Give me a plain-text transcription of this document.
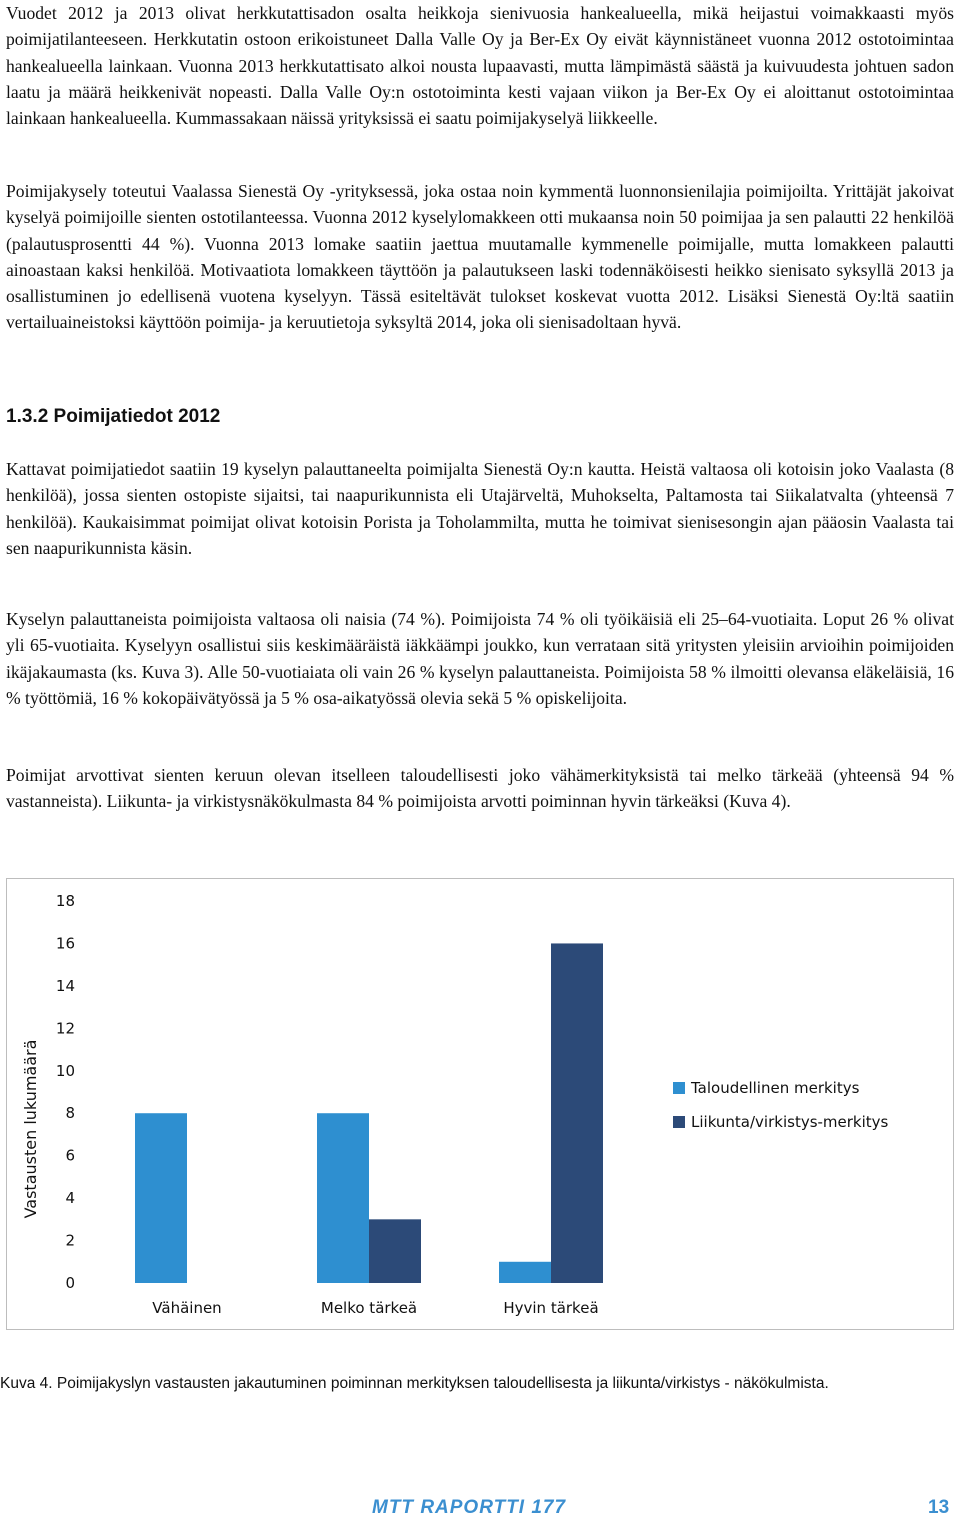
Vuodet 2012 ja 2013 olivat herkkutattisadon osalta heikkoja sienivuosia hankealueella, mikä heijastui voimakkaasti myös poimijatilanteeseen. Herkkutatin ostoon erikoistuneet Dalla Valle Oy ja Ber-Ex Oy eivät käynnistäneet vuonna 2012 ostotoimintaa hankealueella lainkaan. Vuonna 2013 herkkutattisato alkoi nousta lupaavasti, mutta lämpimästä säästä ja kuivuudesta johtuen sadon laatu ja määrä heikkenivät nopeasti. Dalla Valle Oy:n ostotoiminta kesti vajaan viikon ja Ber-Ex Oy ei aloittanut ostotoimintaa lainkaan hankealueella. Kummassakaan näissä yrityksissä ei saatu poimijakyselyä liikkeelle.

Poimijakysely toteutui Vaalassa Sienestä Oy -yrityksessä, joka ostaa noin kymmentä luonnonsienilajia poimijoilta. Yrittäjät jakoivat kyselyä poimijoille sienten ostotilanteessa. Vuonna 2012 kyselylomakkeen otti mukaansa noin 50 poimijaa ja sen palautti 22 henkilöä (palautusprosentti 44 %). Vuonna 2013 lomake saatiin jaettua muutamalle kymmenelle poimijalle, mutta lomakkeen palautti ainoastaan kaksi henkilöä. Motivaatiota lomakkeen täyttöön ja palautukseen laski todennäköisesti heikko sienisato syksyllä 2013 ja osallistuminen jo edellisenä vuotena kyselyyn. Tässä esiteltävät tulokset koskevat vuotta 2012. Lisäksi Sienestä Oy:ltä saatiin vertailuaineistoksi käyttöön poimija- ja keruutietoja syksyltä 2014, joka oli sienisadoltaan hyvä.

1.3.2 Poimijatiedot 2012

Kattavat poimijatiedot saatiin 19 kyselyn palauttaneelta poimijalta Sienestä Oy:n kautta. Heistä valtaosa oli kotoisin joko Vaalasta (8 henkilöä), jossa sienten ostopiste sijaitsi, tai naapurikunnista eli Utajärveltä, Muhokselta, Paltamosta tai Siikalatvalta (yhteensä 7 henkilöä). Kaukaisimmat poimijat olivat kotoisin Porista ja Toholammilta, mutta he toimivat sienisesongin ajan pääosin Vaalasta tai sen naapurikunnista käsin.

Kyselyn palauttaneista poimijoista valtaosa oli naisia (74 %). Poimijoista 74 % oli työikäisiä eli 25–64-vuotiaita. Loput 26 % olivat yli 65-vuotiaita. Kyselyyn osallistui siis keskimääräistä iäkkäämpi joukko, kun verrataan sitä yritysten yleisiin arvioihin poimijoiden ikäjakaumasta (ks. Kuva 3). Alle 50-vuotiaiata oli vain 26 % kyselyn palauttaneista. Poimijoista 58 % ilmoitti olevansa eläkeläisiä, 16 % työttömiä, 16 % kokopäivätyössä ja 5 % osa-aikatyössä olevia sekä 5 % opiskelijoita.

Poimijat arvottivat sienten keruun olevan itselleen taloudellisesti joko vähämerkityksistä tai melko tärkeää (yhteensä 94 % vastanneista). Liikunta- ja virkistysnäkökulmasta 84 % poimijoista arvotti poiminnan hyvin tärkeäksi (Kuva 4).

Vastausten lukumäärä
0
2
4
6
8
10
12
14
16
18
Vähäinen	Melko tärkeä	Hyvin tärkeä
Taloudellinen merkitys
Liikunta/virkistys-merkitys

Kuva 4. Poimijakyslyn vastausten jakautuminen poiminnan merkityksen taloudellisesta ja liikunta/virkistys - näkökulmista.

MTT RAPORTTI 177	13
